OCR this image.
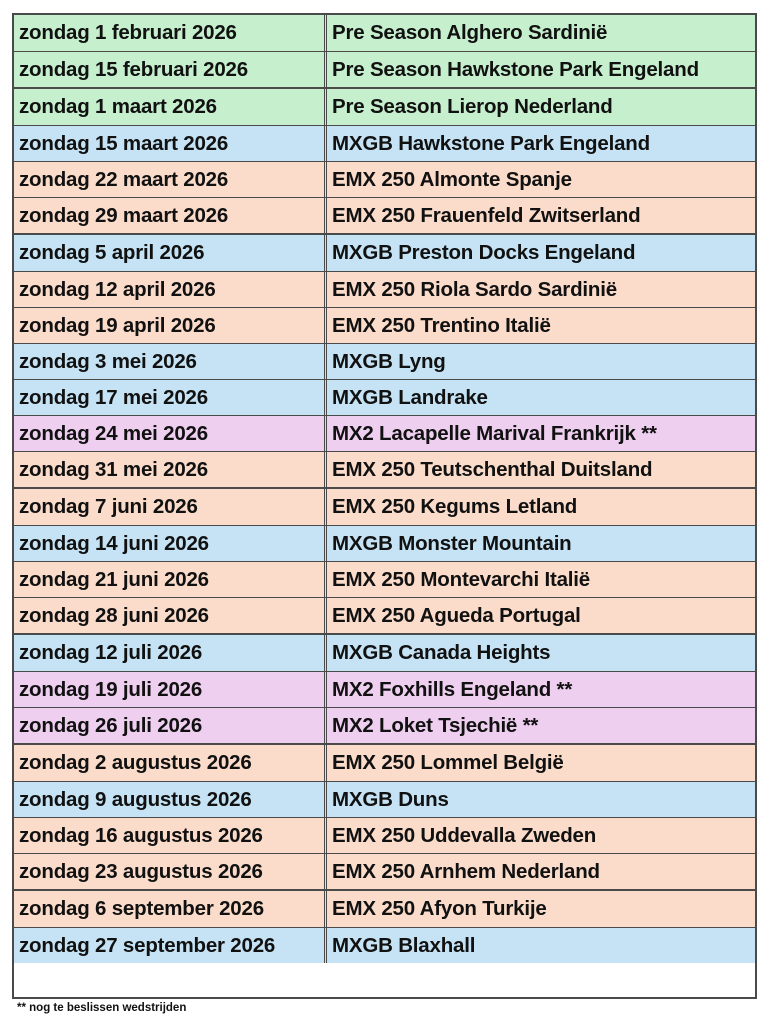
zondag 1 februari 2026	Pre Season Alghero Sardinië
zondag 15 februari 2026	Pre Season Hawkstone Park Engeland
zondag 1 maart 2026	Pre Season Lierop Nederland
zondag 15 maart 2026	MXGB Hawkstone Park Engeland
zondag 22 maart 2026	EMX 250 Almonte Spanje
zondag 29 maart 2026	EMX 250 Frauenfeld Zwitserland
zondag 5 april 2026	MXGB Preston Docks Engeland
zondag 12 april 2026	EMX 250 Riola Sardo Sardinië
zondag 19 april 2026	EMX 250 Trentino Italië
zondag 3 mei 2026	MXGB Lyng
zondag 17 mei 2026	MXGB Landrake
zondag 24 mei 2026	MX2 Lacapelle Marival Frankrijk **
zondag 31 mei 2026	EMX 250 Teutschenthal Duitsland
zondag 7 juni 2026	EMX 250 Kegums Letland
zondag 14 juni 2026	MXGB Monster Mountain
zondag 21 juni 2026	EMX 250 Montevarchi Italië
zondag 28 juni 2026	EMX 250 Agueda Portugal
zondag 12 juli 2026	MXGB Canada Heights
zondag 19 juli 2026	MX2 Foxhills Engeland **
zondag 26 juli 2026	MX2 Loket Tsjechië **
zondag 2 augustus 2026	EMX 250 Lommel België
zondag 9 augustus 2026	MXGB Duns
zondag 16 augustus 2026	EMX 250 Uddevalla Zweden
zondag 23 augustus 2026	EMX 250 Arnhem Nederland
zondag 6 september 2026	EMX 250 Afyon Turkije
zondag 27 september 2026	MXGB Blaxhall
** nog te beslissen wedstrijden
